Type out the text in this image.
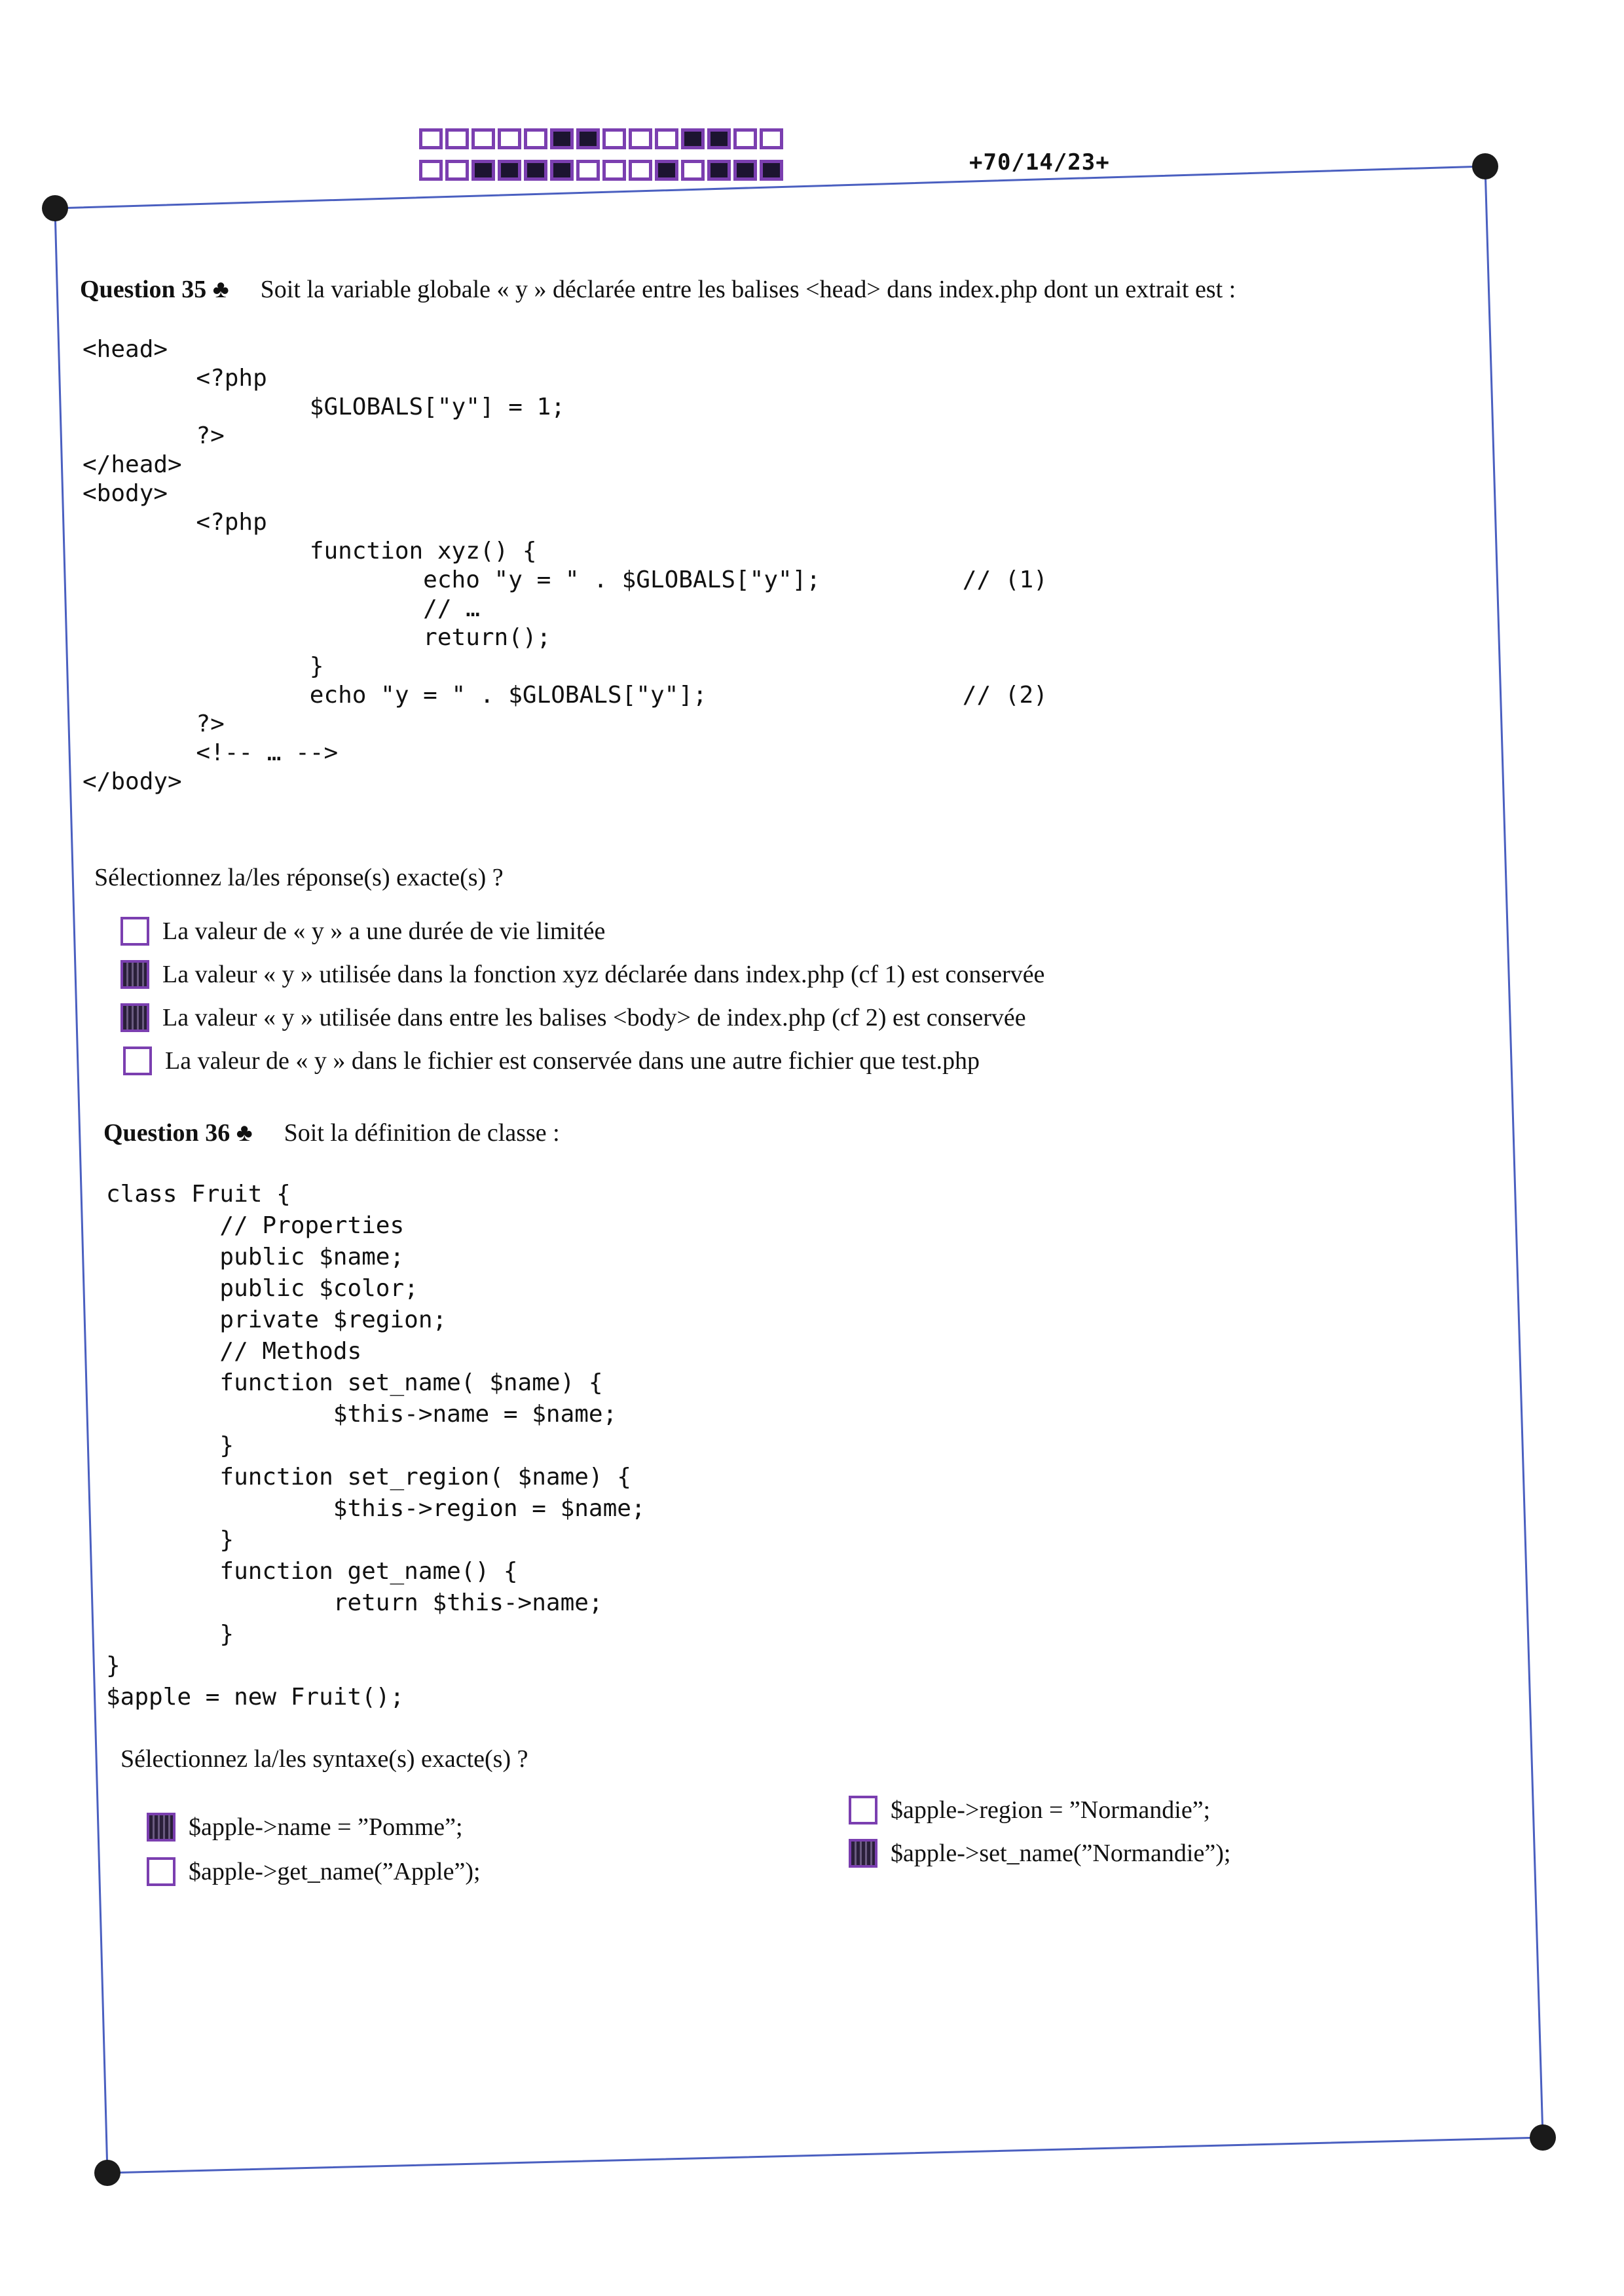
+70/14/23+
Question 35 ♣ Soit la variable globale « y » déclarée entre les balises <head> dans index.php dont un extrait est :
<head>
<?php
$GLOBALS["y"] = 1;
?>
</head>
<body>
<?php
function xyz() {
echo "y = " . $GLOBALS["y"];          // (1)
// …
return();
}
echo "y = " . $GLOBALS["y"];                  // (2)
?>
<!-- … -->
</body>
Sélectionnez la/les réponse(s) exacte(s) ?
La valeur de « y » a une durée de vie limitée
La valeur « y » utilisée dans la fonction xyz déclarée dans index.php (cf 1) est conservée
La valeur « y » utilisée dans entre les balises <body> de index.php (cf 2) est conservée
La valeur de « y » dans le fichier est conservée dans une autre fichier que test.php
Question 36 ♣ Soit la définition de classe :
class Fruit {
// Properties
public $name;
public $color;
private $region;
// Methods
function set_name( $name) {
$this->name = $name;
}
function set_region( $name) {
$this->region = $name;
}
function get_name() {
return $this->name;
}
}
$apple = new Fruit();
Sélectionnez la/les syntaxe(s) exacte(s) ?
$apple->name = ”Pomme”;
$apple->get_name(”Apple”);
$apple->region = ”Normandie”;
$apple->set_name(”Normandie”);
